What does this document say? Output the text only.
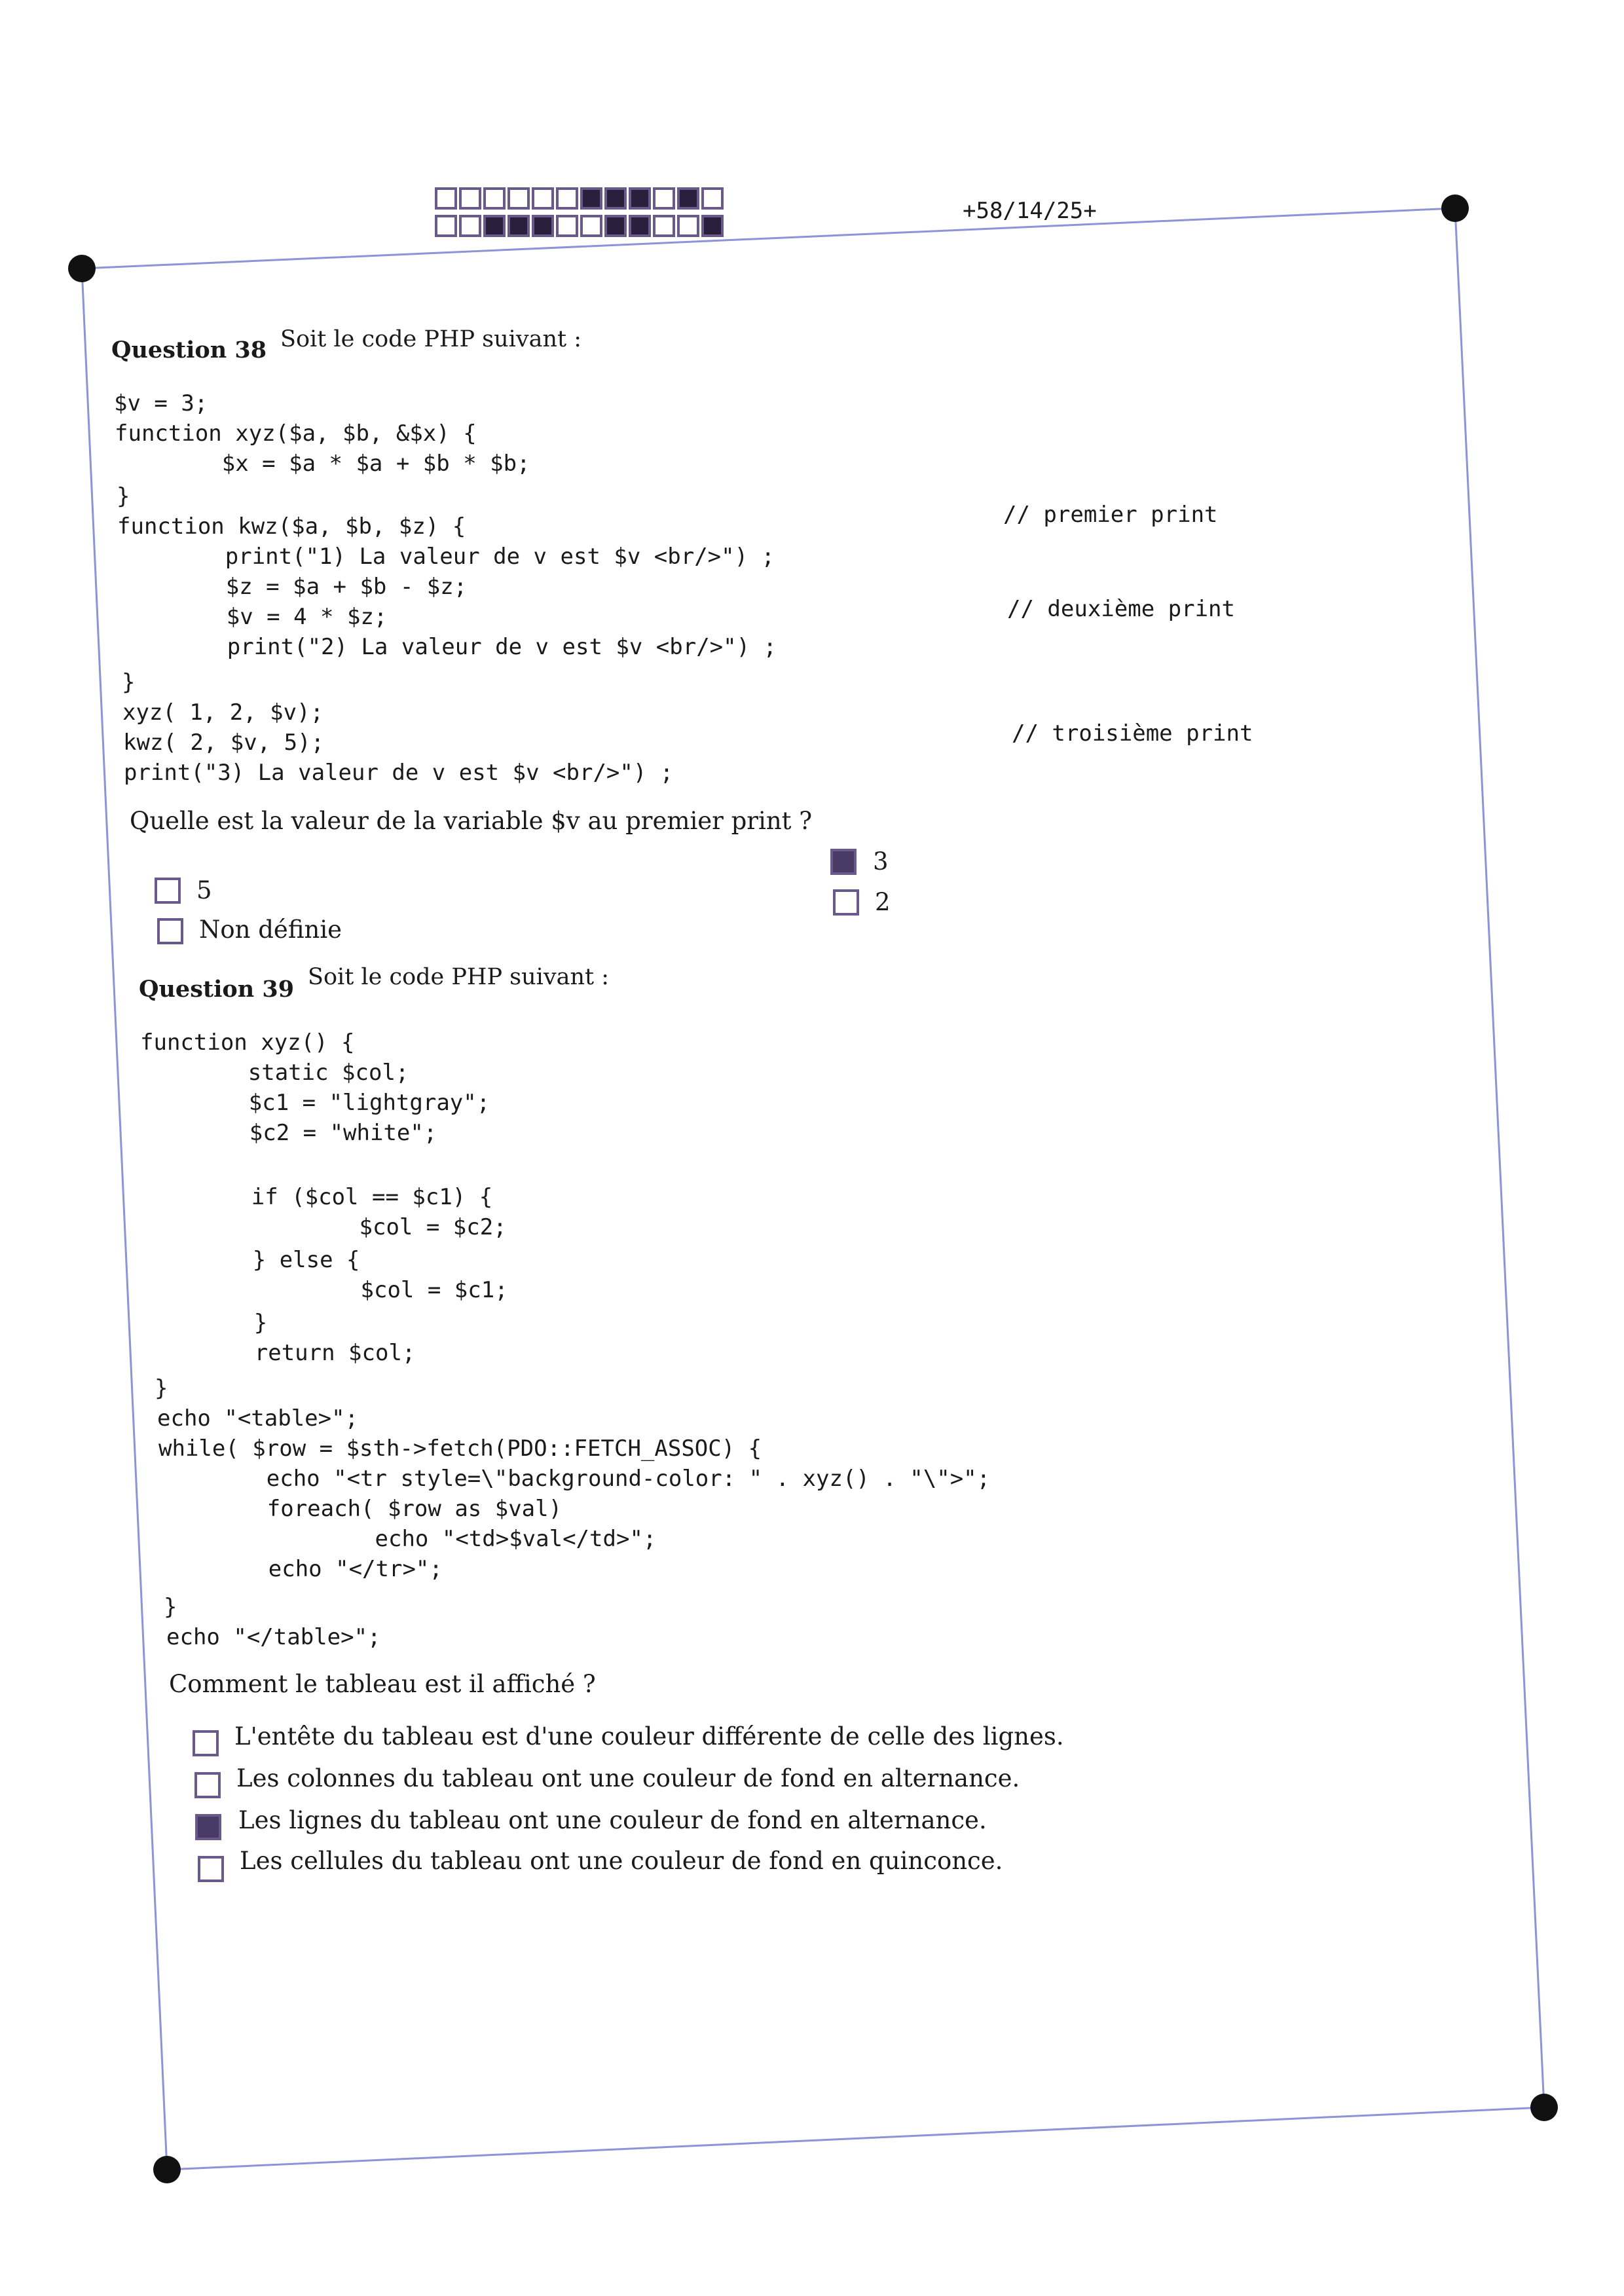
+58/14/25+
Question 38 Soit le code PHP suivant :
$v = 3;
function xyz($a, $b, &$x) {
$x = $a * $a + $b * $b;
}
function kwz($a, $b, $z) {
print("1) La valeur de v est $v <br/>") ;
$z = $a + $b - $z;
$v = 4 * $z;
print("2) La valeur de v est $v <br/>") ;
}
xyz( 1, 2, $v);
kwz( 2, $v, 5);
print("3) La valeur de v est $v <br/>") ;
// premier print
// deuxième print
// troisième print
Quelle est la valeur de la variable $v au premier print ?
5
Non définie
3
2
Question 39 Soit le code PHP suivant :
function xyz() {
static $col;
$c1 = "lightgray";
$c2 = "white";
if ($col == $c1) {
$col = $c2;
} else {
$col = $c1;
}
return $col;
}
echo "<table>";
while( $row = $sth->fetch(PDO::FETCH_ASSOC) {
echo "<tr style=\"background-color: " . xyz() . "\">";
foreach( $row as $val)
echo "<td>$val</td>";
echo "</tr>";
}
echo "</table>";
Comment le tableau est il affiché ?
L'entête du tableau est d'une couleur différente de celle des lignes.
Les colonnes du tableau ont une couleur de fond en alternance.
Les lignes du tableau ont une couleur de fond en alternance.
Les cellules du tableau ont une couleur de fond en quinconce.
